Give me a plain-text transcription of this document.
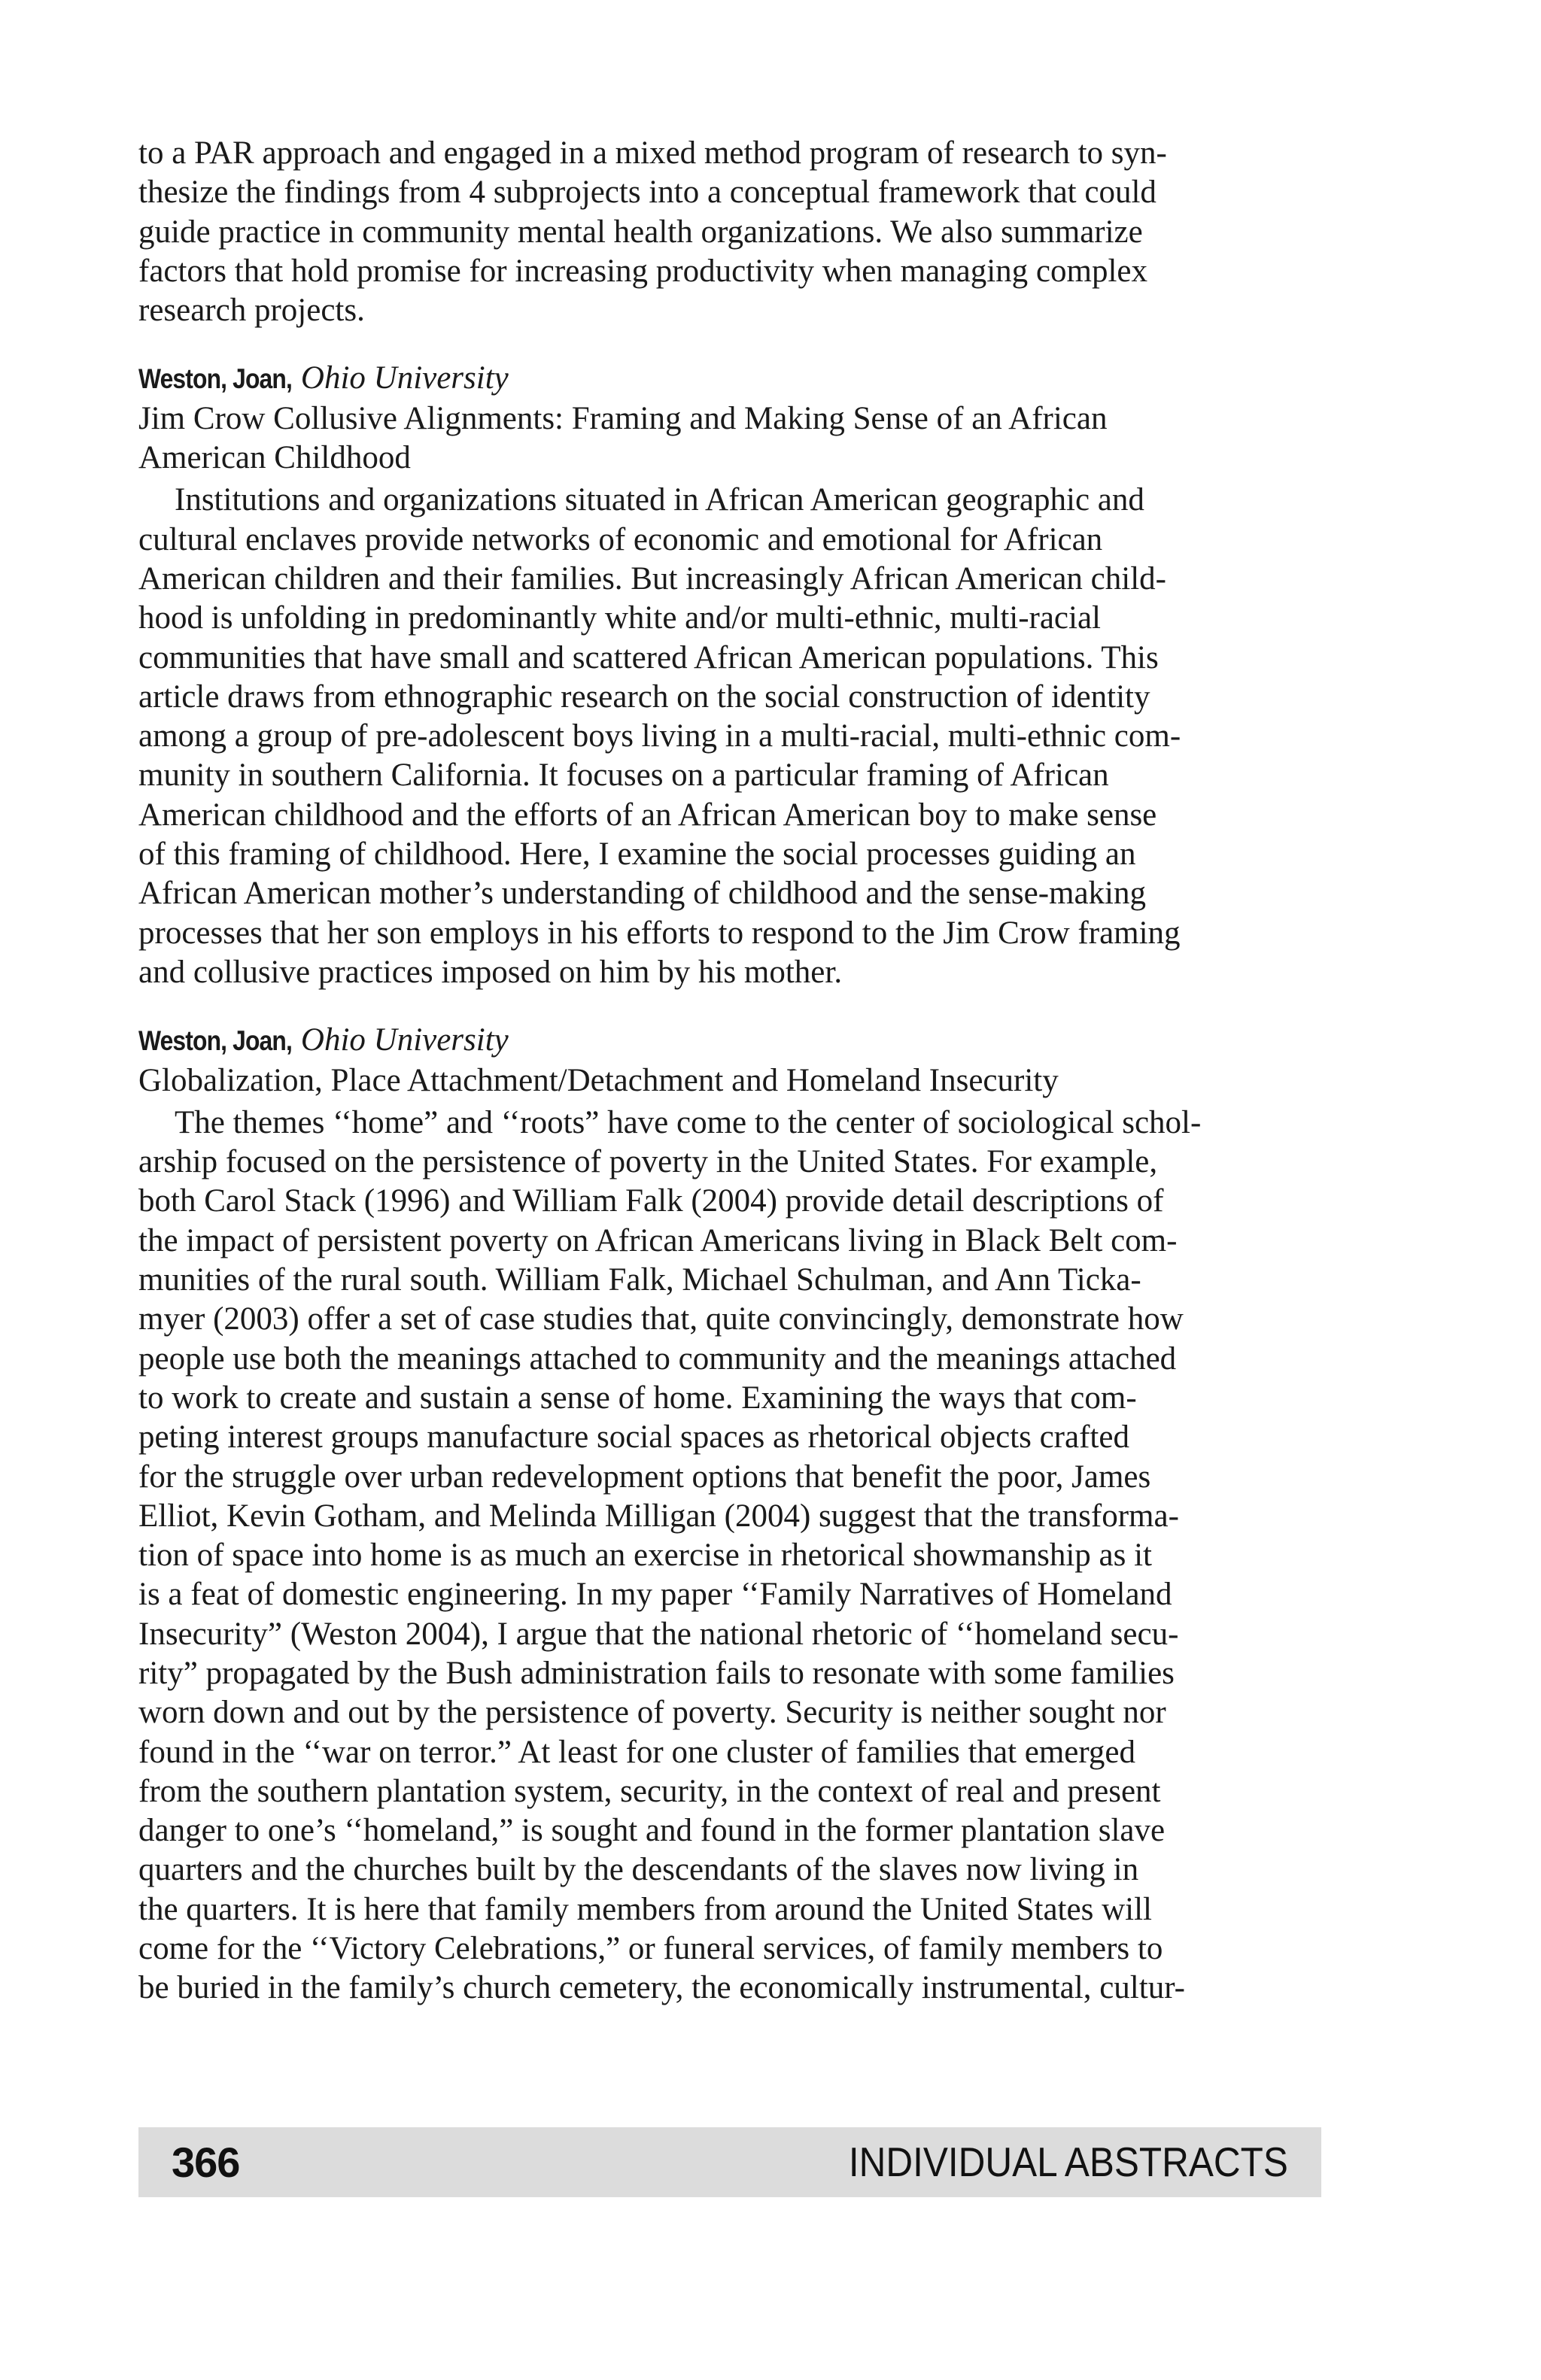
to a PAR approach and engaged in a mixed method program of research to syn-
thesize the findings from 4 subprojects into a conceptual framework that could
guide practice in community mental health organizations. We also summarize
factors that hold promise for increasing productivity when managing complex
research projects.

Weston, Joan, Ohio University

Jim Crow Collusive Alignments: Framing and Making Sense of an African
American Childhood

Institutions and organizations situated in African American geographic and
cultural enclaves provide networks of economic and emotional for African
American children and their families. But increasingly African American child-
hood is unfolding in predominantly white and/or multi-ethnic, multi-racial
communities that have small and scattered African American populations. This
article draws from ethnographic research on the social construction of identity
among a group of pre-adolescent boys living in a multi-racial, multi-ethnic com-
munity in southern California. It focuses on a particular framing of African
American childhood and the efforts of an African American boy to make sense
of this framing of childhood. Here, I examine the social processes guiding an
African American mother’s understanding of childhood and the sense-making
processes that her son employs in his efforts to respond to the Jim Crow framing
and collusive practices imposed on him by his mother.

Weston, Joan, Ohio University

Globalization, Place Attachment/Detachment and Homeland Insecurity

The themes ‘‘home” and ‘‘roots” have come to the center of sociological schol-
arship focused on the persistence of poverty in the United States. For example,
both Carol Stack (1996) and William Falk (2004) provide detail descriptions of
the impact of persistent poverty on African Americans living in Black Belt com-
munities of the rural south. William Falk, Michael Schulman, and Ann Ticka-
myer (2003) offer a set of case studies that, quite convincingly, demonstrate how
people use both the meanings attached to community and the meanings attached
to work to create and sustain a sense of home. Examining the ways that com-
peting interest groups manufacture social spaces as rhetorical objects crafted
for the struggle over urban redevelopment options that benefit the poor, James
Elliot, Kevin Gotham, and Melinda Milligan (2004) suggest that the transforma-
tion of space into home is as much an exercise in rhetorical showmanship as it
is a feat of domestic engineering. In my paper ‘‘Family Narratives of Homeland
Insecurity” (Weston 2004), I argue that the national rhetoric of ‘‘homeland secu-
rity” propagated by the Bush administration fails to resonate with some families
worn down and out by the persistence of poverty. Security is neither sought nor
found in the ‘‘war on terror.” At least for one cluster of families that emerged
from the southern plantation system, security, in the context of real and present
danger to one’s ‘‘homeland,” is sought and found in the former plantation slave
quarters and the churches built by the descendants of the slaves now living in
the quarters. It is here that family members from around the United States will
come for the ‘‘Victory Celebrations,” or funeral services, of family members to
be buried in the family’s church cemetery, the economically instrumental, cultur-

366	INDIVIDUAL ABSTRACTS
